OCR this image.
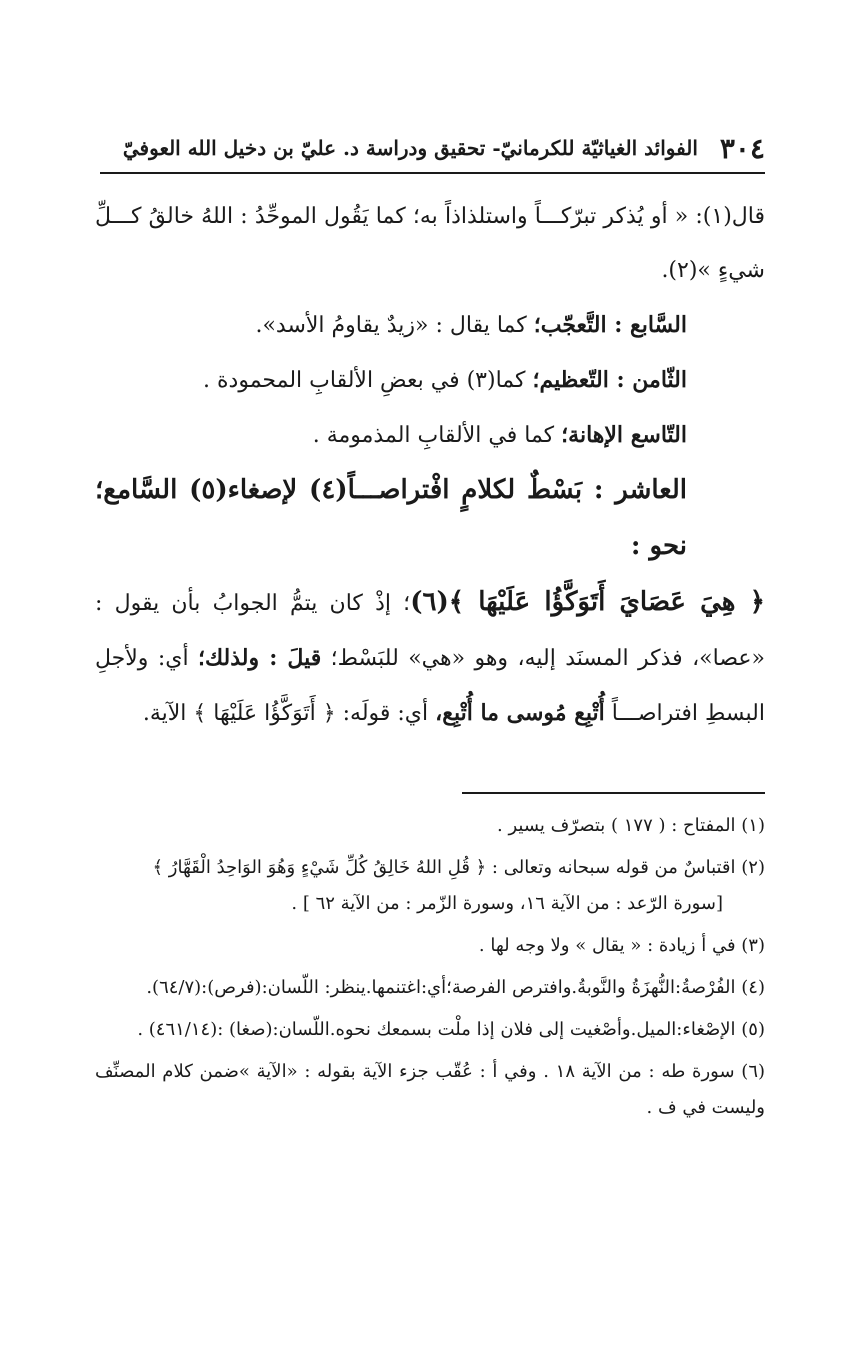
٣٠٤
الفوائد الغياثيّة للكرمانيّ- تحقيق ودراسة د. عليّ بن دخيل الله العوفيّ

قال(١): « أو يُذكر تبرّكـــاً واستلذاذاً به؛ كما يَقُول الموحِّدُ : اللهُ خالقُ كـــلِّ شيءٍ »(٢).

السَّابع : التَّعجّب؛ كما يقال : «زيدٌ يقاومُ الأسد».

الثّامن : التّعظيم؛ كما(٣) في بعضِ الألقابِ المحمودة .

التّاسع الإهانة؛ كما في الألقابِ المذمومة .

العاشر : بَسْطٌ لكلامٍ افْتراصـــاً(٤) لإصغاء(٥) السَّامع؛ نحو :

﴿ هِيَ عَصَايَ أَتَوَكَّؤُا عَلَيْهَا ﴾(٦)؛ إذْ كان يتمُّ الجوابُ بأن يقول : «عصا»، فذكر المسنَد إليه، وهو «هي» للبَسْط؛ قيلَ : ولذلك؛ أي: ولأجلِ البسطِ افتراصـــاً أُتْبِع مُوسى ما أُتْبِع، أي: قولَه: ﴿ أَتَوَكَّؤُا عَلَيْهَا ﴾ الآية.

(١) المفتاح : ( ١٧٧ ) بتصرّف يسير .

(٢) اقتباسٌ من قوله سبحانه وتعالى : ﴿ قُلِ اللهُ خَالِقُ كُلِّ شَيْءٍ وَهُوَ الوَاحِدُ الْقَهَّارُ ﴾

[سورة الرّعد : من الآية ١٦، وسورة الزّمر : من الآية ٦٢ ] .

(٣) في أ زيادة : « يقال » ولا وجه لها .

(٤) الفُرْصةُ:النُّهزَةُ والنَّوبةُ.وافترص الفرصة؛أي:اغتنمها.ينظر: اللّسان:(فرص):(٦٤/٧).

(٥) الإصْغاء:الميل.وأصْغيت إلى فلان إذا ملْت بسمعك نحوه.اللّسان:(صغا) :(٤٦١/١٤) .

(٦) سورة طه : من الآية ١٨ . وفي أ : عُقّب جزء الآية بقوله : «الآية »ضمن كلام المصنِّف وليست في ف .
